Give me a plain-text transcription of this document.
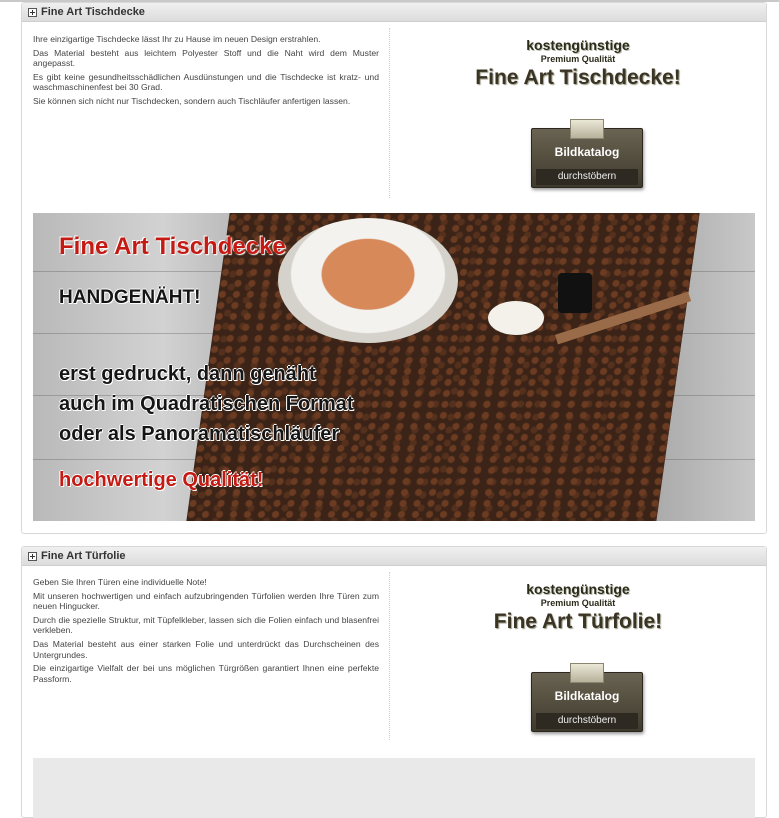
Fine Art Tischdecke

Ihre einzigartige Tischdecke lässt Ihr zu Hause im neuen Design erstrahlen.

Das Material besteht aus leichtem Polyester Stoff und die Naht wird dem Muster angepasst.

Es gibt keine gesundheitsschädlichen Ausdünstungen und die Tischdecke ist kratz- und waschmaschinenfest bei 30 Grad.

Sie können sich nicht nur Tischdecken, sondern auch Tischläufer anfertigen lassen.

kostengünstige
Premium Qualität
Fine Art Tischdecke!
Bildkatalog
durchstöbern
Fine Art Tischdecke
HANDGENÄHT!
erst gedruckt, dann genäht
auch im Quadratischen Format
oder als Panoramatischläufer
hochwertige Qualität!
Fine Art Türfolie

Geben Sie Ihren Türen eine individuelle Note!

Mit unseren hochwertigen und einfach aufzubringenden Türfolien werden Ihre Türen zum neuen Hingucker.

Durch die spezielle Struktur, mit Tüpfelkleber, lassen sich die Folien einfach und blasenfrei verkleben.

Das Material besteht aus einer starken Folie und unterdrückt das Durchscheinen des Untergrundes.

Die einzigartige Vielfalt der bei uns möglichen Türgrößen garantiert Ihnen eine perfekte Passform.

kostengünstige
Premium Qualität
Fine Art Türfolie!
Bildkatalog
durchstöbern
